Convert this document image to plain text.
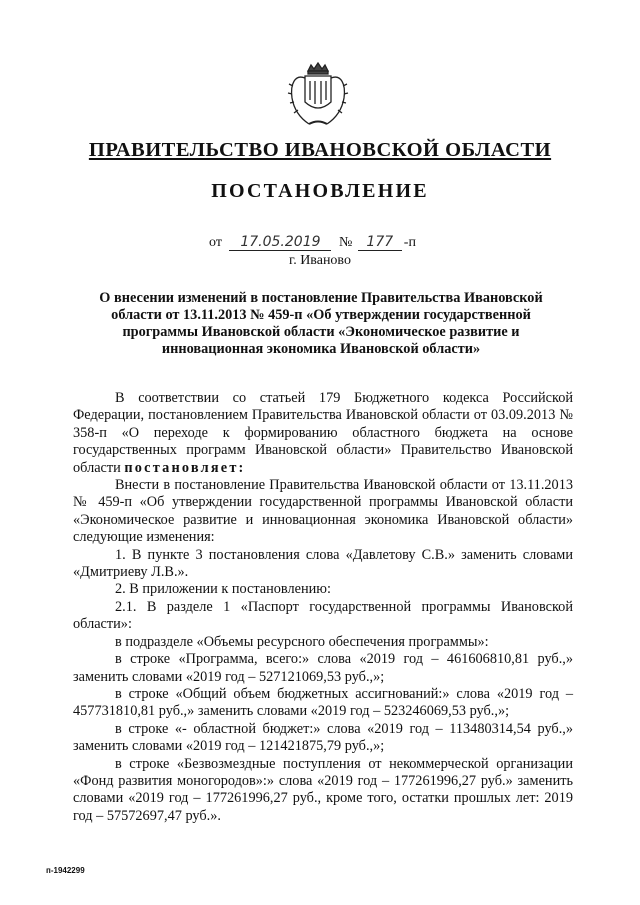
ПРАВИТЕЛЬСТВО ИВАНОВСКОЙ ОБЛАСТИ
ПОСТАНОВЛЕНИЕ
от 17.05.2019 № 177 -п
г. Иваново
О внесении изменений в постановление Правительства Ивановской области от 13.11.2013 № 459-п «Об утверждении государственной программы Ивановской области «Экономическое развитие и инновационная экономика Ивановской области»

В соответствии со статьей 179 Бюджетного кодекса Российской Федерации, постановлением Правительства Ивановской области от 03.09.2013 № 358-п «О переходе к формированию областного бюджета на основе государственных программ Ивановской области» Правительство Ивановской области постановляет:

Внести в постановление Правительства Ивановской области от 13.11.2013 № 459-п «Об утверждении государственной программы Ивановской области «Экономическое развитие и инновационная экономика Ивановской области» следующие изменения:

1. В пункте 3 постановления слова «Давлетову С.В.» заменить словами «Дмитриеву Л.В.».

2. В приложении к постановлению:

2.1. В разделе 1 «Паспорт государственной программы Ивановской области»:

в подразделе «Объемы ресурсного обеспечения программы»:

в строке «Программа, всего:» слова «2019 год – 461606810,81 руб.,» заменить словами «2019 год – 527121069,53 руб.,»;

в строке «Общий объем бюджетных ассигнований:» слова «2019 год – 457731810,81 руб.,» заменить словами «2019 год – 523246069,53 руб.,»;

в строке «- областной бюджет:» слова «2019 год – 113480314,54 руб.,» заменить словами «2019 год – 121421875,79 руб.,»;

в строке «Безвозмездные поступления от некоммерческой организации «Фонд развития моногородов»:» слова «2019 год – 177261996,27 руб.» заменить словами «2019 год – 177261996,27 руб., кроме того, остатки прошлых лет: 2019 год – 57572697,47 руб.».

п-1942299
